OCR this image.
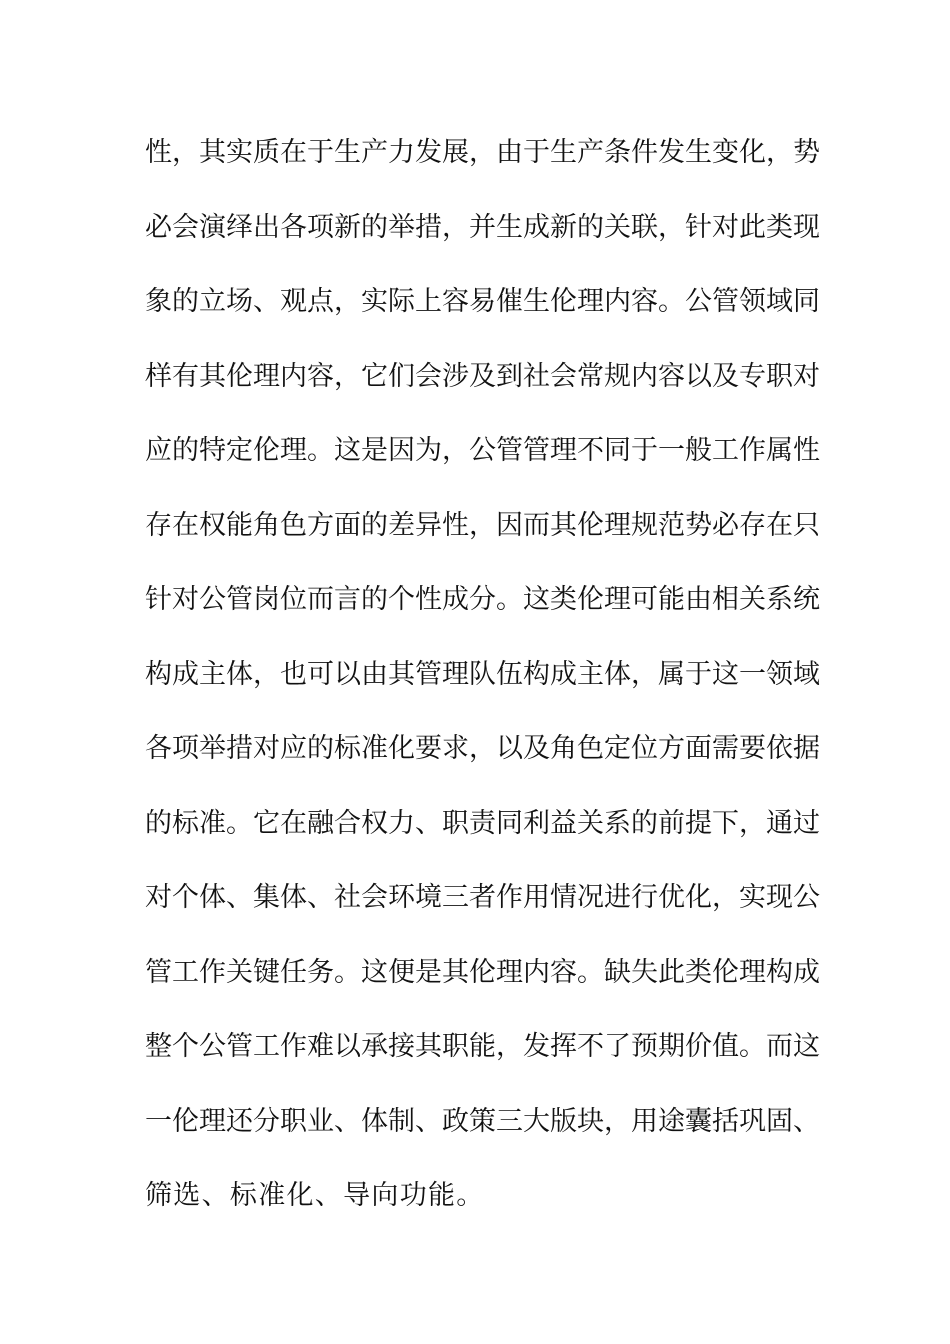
性，其实质在于生产力发展，由于生产条件发生变化，势
必会演绎出各项新的举措，并生成新的关联，针对此类现
象的立场、观点，实际上容易催生伦理内容。公管领域同
样有其伦理内容，它们会涉及到社会常规内容以及专职对
应的特定伦理。这是因为，公管管理不同于一般工作属性
存在权能角色方面的差异性，因而其伦理规范势必存在只
针对公管岗位而言的个性成分。这类伦理可能由相关系统
构成主体，也可以由其管理队伍构成主体，属于这一领域
各项举措对应的标准化要求，以及角色定位方面需要依据
的标准。它在融合权力、职责同利益关系的前提下，通过
对个体、集体、社会环境三者作用情况进行优化，实现公
管工作关键任务。这便是其伦理内容。缺失此类伦理构成
整个公管工作难以承接其职能，发挥不了预期价值。而这
一伦理还分职业、体制、政策三大版块，用途囊括巩固、
筛选、标准化、导向功能。
